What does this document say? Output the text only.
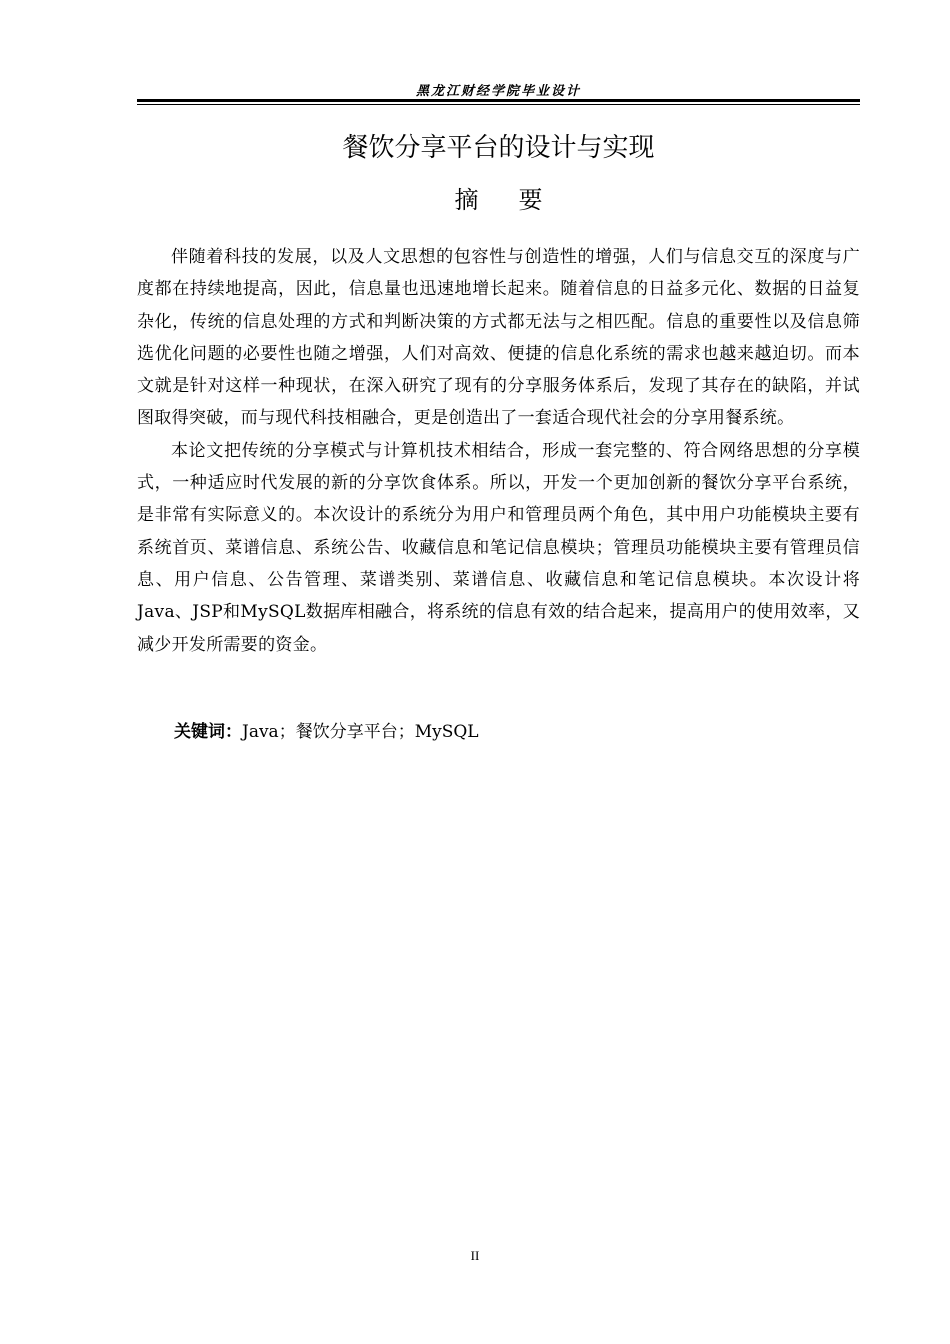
黑龙江财经学院毕业设计
餐饮分享平台的设计与实现
摘要

伴随着科技的发展，以及人文思想的包容性与创造性的增强，人们与信息交互的深度与广度都在持续地提高，因此，信息量也迅速地增长起来。随着信息的日益多元化、数据的日益复杂化，传统的信息处理的方式和判断决策的方式都无法与之相匹配。信息的重要性以及信息筛选优化问题的必要性也随之增强，人们对高效、便捷的信息化系统的需求也越来越迫切。而本文就是针对这样一种现状，在深入研究了现有的分享服务体系后，发现了其存在的缺陷，并试图取得突破，而与现代科技相融合，更是创造出了一套适合现代社会的分享用餐系统。

本论文把传统的分享模式与计算机技术相结合，形成一套完整的、符合网络思想的分享模式，一种适应时代发展的新的分享饮食体系。所以，开发一个更加创新的餐饮分享平台系统，是非常有实际意义的。本次设计的系统分为用户和管理员两个角色，其中用户功能模块主要有系统首页、菜谱信息、系统公告、收藏信息和笔记信息模块；管理员功能模块主要有管理员信息、用户信息、公告管理、菜谱类别、菜谱信息、收藏信息和笔记信息模块。本次设计将Java、JSP和MySQL数据库相融合，将系统的信息有效的结合起来，提高用户的使用效率，又减少开发所需要的资金。

关键词：Java；餐饮分享平台；MySQL
II
